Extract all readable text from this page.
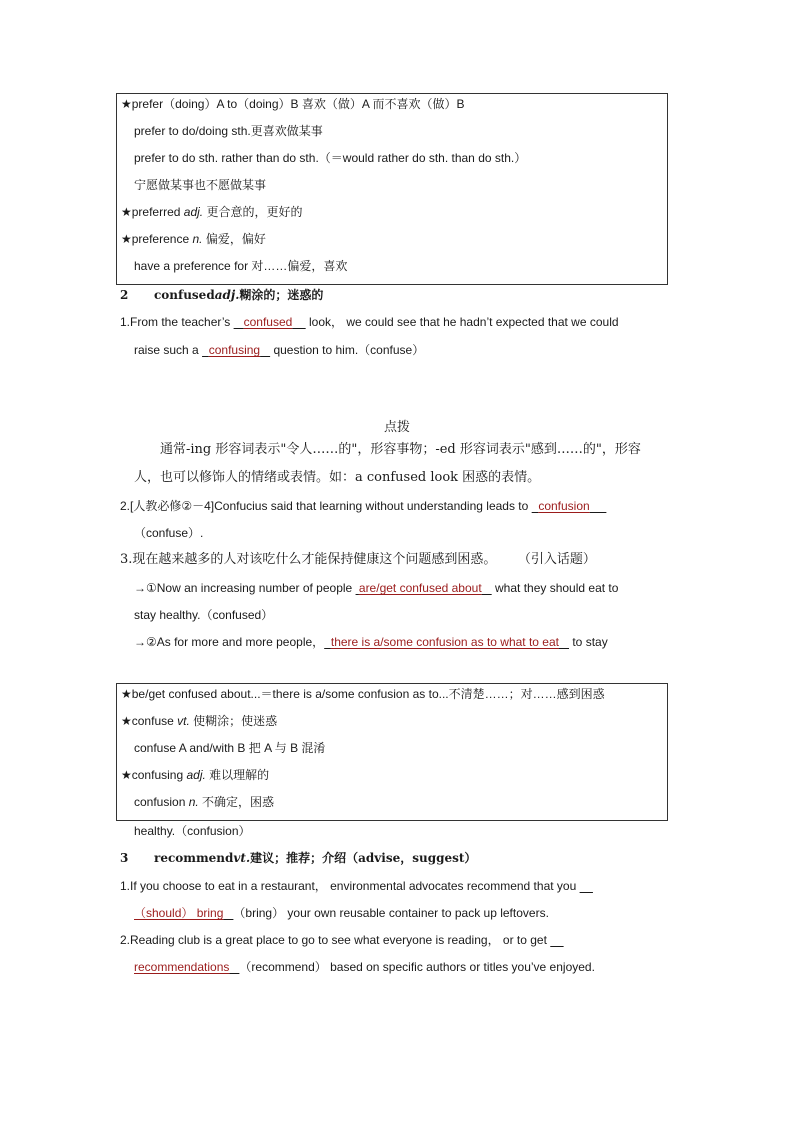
★prefer（doing）A to（doing）B 喜欢（做）A 而不喜欢（做）B
prefer to do/doing sth.更喜欢做某事
prefer to do sth. rather than do sth.（＝would rather do sth. than do sth.）
宁愿做某事也不愿做某事
★preferred adj. 更合意的，更好的
★preference n. 偏爱，偏好
have a preference for 对……偏爱，喜欢
2 confusedadj.糊涂的；迷惑的
1.From the teacher’s    confused     look， we could see that he hadn’t expected that we could
raise such a   confusing    question to him.（confuse）
点拨
通常-ing 形容词表示"令人……的"，形容事物；-ed 形容词表示"感到……的"，形容
人，也可以修饰人的情绪或表情。如：a confused look 困惑的表情。
2.[人教必修②－4]Confucius said that learning without understanding leads to   confusion
（confuse）.
3.现在越来越多的人对该吃什么才能保持健康这个问题感到困惑。 （引入话题）
→①Now an increasing number of people  are/get confused about    what they should eat to
stay healthy.（confused）
→②As for more and more people， there is a/some confusion as to what to eat    to stay
★be/get confused about...＝there is a/some confusion as to...不清楚……；对……感到困惑
★confuse vt. 使糊涂；使迷惑
confuse A and/with B 把 A 与 B 混淆
★confusing adj. 难以理解的
confusion n. 不确定，困惑
healthy.（confusion）
3 recommendvt.建议；推荐；介绍（advise，suggest）
1.If you choose to eat in a restaurant， environmental advocates recommend that you
（should） bring （bring） your own reusable container to pack up leftovers.
2.Reading club is a great place to go to see what everyone is reading， or to get
recommendations （recommend） based on specific authors or titles you’ve enjoyed.
